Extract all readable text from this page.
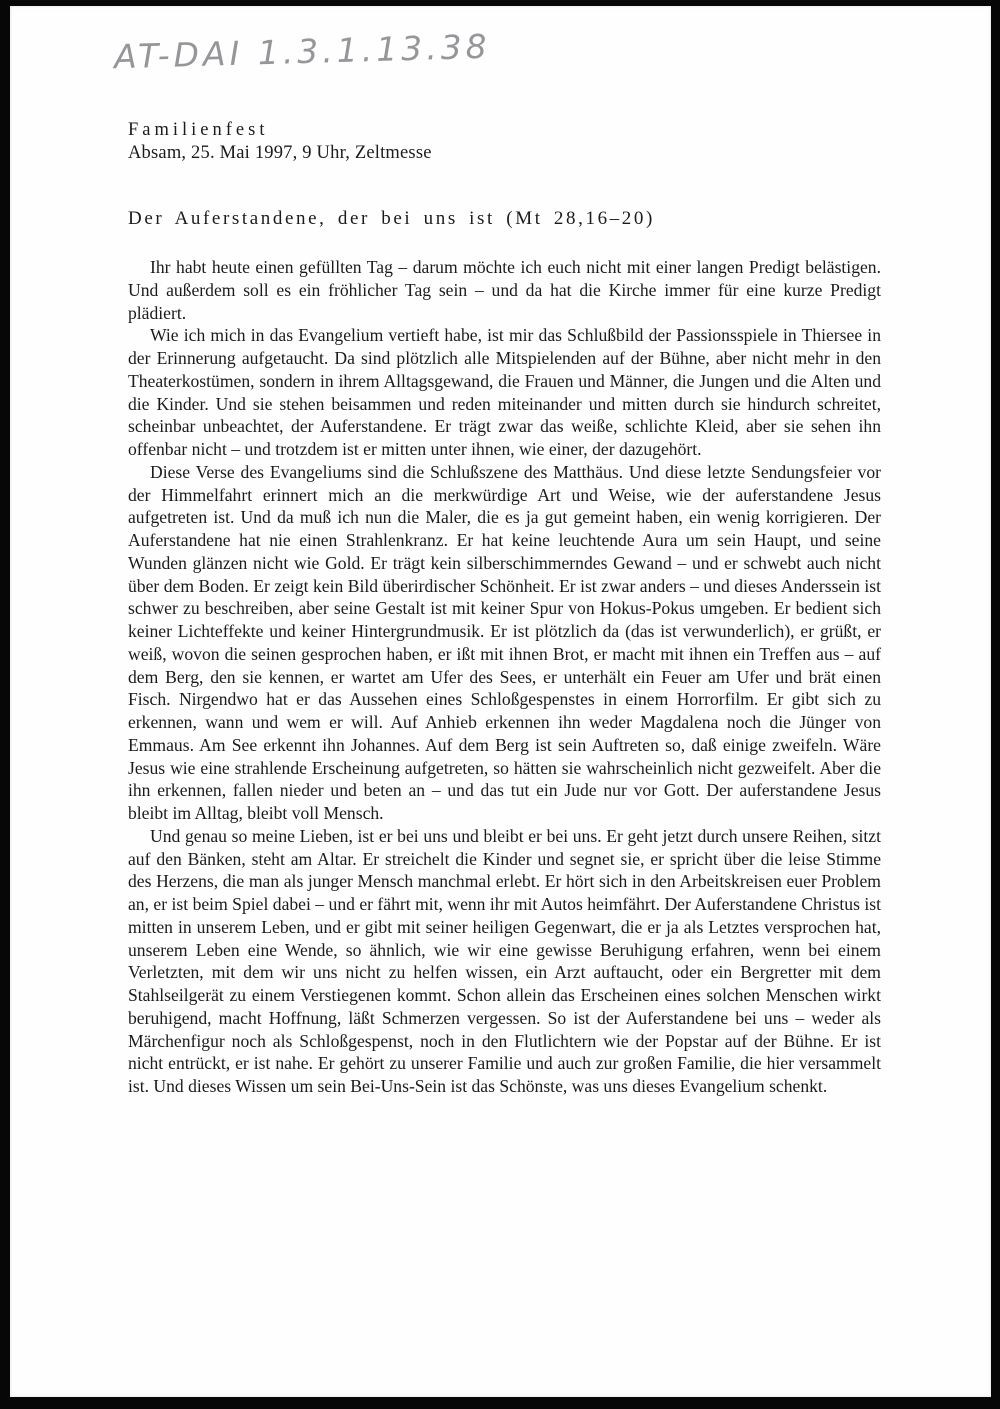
AT-DAI 1.3.1.13.38
Familienfest
Absam, 25. Mai 1997, 9 Uhr, Zeltmesse
Der Auferstandene, der bei uns ist (Mt 28,16–20)

Ihr habt heute einen gefüllten Tag – darum möchte ich euch nicht mit einer langen Predigt belästigen. Und außerdem soll es ein fröhlicher Tag sein – und da hat die Kirche immer für eine kurze Predigt plädiert.

Wie ich mich in das Evangelium vertieft habe, ist mir das Schlußbild der Passionsspiele in Thiersee in der Erinnerung aufgetaucht. Da sind plötzlich alle Mitspielenden auf der Bühne, aber nicht mehr in den Theaterkostümen, sondern in ihrem Alltagsgewand, die Frauen und Männer, die Jungen und die Alten und die Kinder. Und sie stehen beisammen und reden miteinander und mitten durch sie hindurch schreitet, scheinbar unbeachtet, der Auferstandene. Er trägt zwar das weiße, schlichte Kleid, aber sie sehen ihn offenbar nicht – und trotzdem ist er mitten unter ihnen, wie einer, der dazugehört.

Diese Verse des Evangeliums sind die Schlußszene des Matthäus. Und diese letzte Sendungsfeier vor der Himmelfahrt erinnert mich an die merkwürdige Art und Weise, wie der auferstandene Jesus aufgetreten ist. Und da muß ich nun die Maler, die es ja gut gemeint haben, ein wenig korrigieren. Der Auferstandene hat nie einen Strahlenkranz. Er hat keine leuchtende Aura um sein Haupt, und seine Wunden glänzen nicht wie Gold. Er trägt kein silberschimmerndes Gewand – und er schwebt auch nicht über dem Boden. Er zeigt kein Bild überirdischer Schönheit. Er ist zwar anders – und dieses Anderssein ist schwer zu beschreiben, aber seine Gestalt ist mit keiner Spur von Hokus-Pokus umgeben. Er bedient sich keiner Lichteffekte und keiner Hintergrundmusik. Er ist plötzlich da (das ist verwunderlich), er grüßt, er weiß, wovon die seinen gesprochen haben, er ißt mit ihnen Brot, er macht mit ihnen ein Treffen aus – auf dem Berg, den sie kennen, er wartet am Ufer des Sees, er unterhält ein Feuer am Ufer und brät einen Fisch. Nirgendwo hat er das Aussehen eines Schloßgespenstes in einem Horrorfilm. Er gibt sich zu erkennen, wann und wem er will. Auf Anhieb erkennen ihn weder Magdalena noch die Jünger von Emmaus. Am See erkennt ihn Johannes. Auf dem Berg ist sein Auftreten so, daß einige zweifeln. Wäre Jesus wie eine strahlende Erscheinung aufgetreten, so hätten sie wahrscheinlich nicht gezweifelt. Aber die ihn erkennen, fallen nieder und beten an – und das tut ein Jude nur vor Gott. Der auferstandene Jesus bleibt im Alltag, bleibt voll Mensch.

Und genau so meine Lieben, ist er bei uns und bleibt er bei uns. Er geht jetzt durch unsere Reihen, sitzt auf den Bänken, steht am Altar. Er streichelt die Kinder und segnet sie, er spricht über die leise Stimme des Herzens, die man als junger Mensch manchmal erlebt. Er hört sich in den Arbeitskreisen euer Problem an, er ist beim Spiel dabei – und er fährt mit, wenn ihr mit Autos heimfährt. Der Auferstandene Christus ist mitten in unserem Leben, und er gibt mit seiner heiligen Gegenwart, die er ja als Letztes versprochen hat, unserem Leben eine Wende, so ähnlich, wie wir eine gewisse Beruhigung erfahren, wenn bei einem Verletzten, mit dem wir uns nicht zu helfen wissen, ein Arzt auftaucht, oder ein Bergretter mit dem Stahlseilgerät zu einem Verstiegenen kommt. Schon allein das Erscheinen eines solchen Menschen wirkt beruhigend, macht Hoffnung, läßt Schmerzen vergessen. So ist der Auferstandene bei uns – weder als Märchenfigur noch als Schloßgespenst, noch in den Flutlichtern wie der Popstar auf der Bühne. Er ist nicht entrückt, er ist nahe. Er gehört zu unserer Familie und auch zur großen Familie, die hier versammelt ist. Und dieses Wissen um sein Bei-Uns-Sein ist das Schönste, was uns dieses Evangelium schenkt.
